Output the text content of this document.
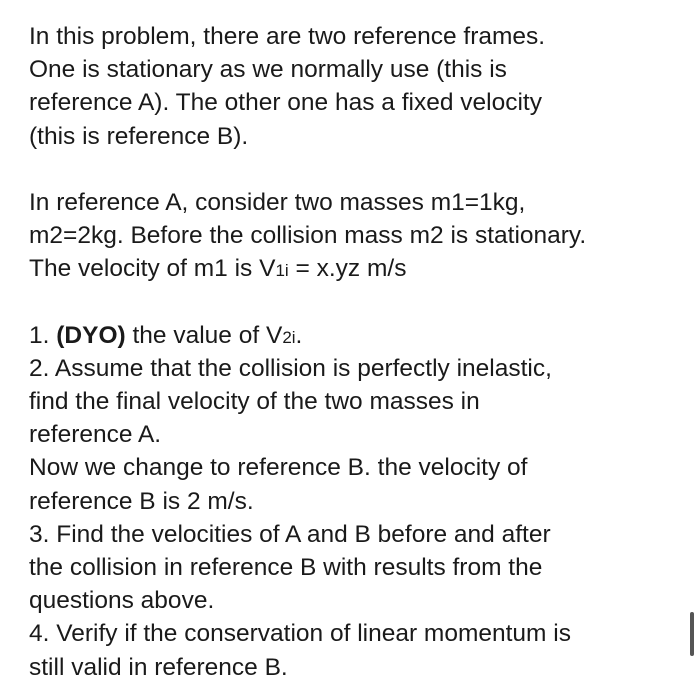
In this problem, there are two reference frames.
One is stationary as we normally use (this is
reference A). The other one has a fixed velocity
(this is reference B).
In reference A, consider two masses m1=1kg,
m2=2kg. Before the collision mass m2 is stationary.
The velocity of m1 is V1i = x.yz m/s
1. (DYO) the value of V2i.
2. Assume that the collision is perfectly inelastic,
find the final velocity of the two masses in
reference A.
Now we change to reference B. the velocity of
reference B is 2 m/s.
3. Find the velocities of A and B before and after
the collision in reference B with results from the
questions above.
4. Verify if the conservation of linear momentum is
still valid in reference B.
